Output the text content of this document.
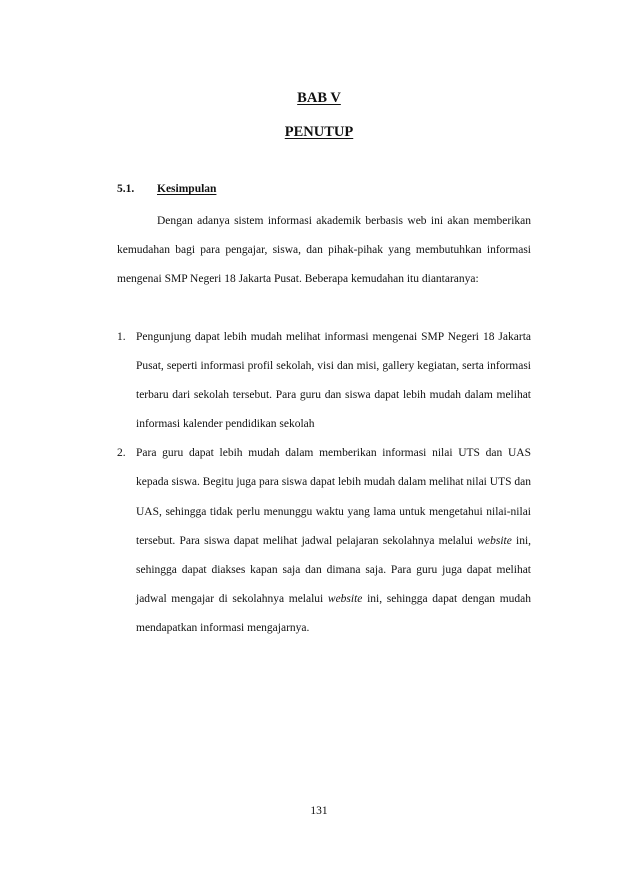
BAB V
PENUTUP
5.1. Kesimpulan

Dengan adanya sistem informasi akademik berbasis web ini akan memberikan kemudahan bagi para pengajar, siswa, dan pihak-pihak yang membutuhkan informasi mengenai SMP Negeri 18 Jakarta Pusat. Beberapa kemudahan itu diantaranya:

1. Pengunjung dapat lebih mudah melihat informasi mengenai SMP Negeri 18 Jakarta Pusat, seperti informasi profil sekolah, visi dan misi, gallery kegiatan, serta informasi terbaru dari sekolah tersebut. Para guru dan siswa dapat lebih mudah dalam melihat informasi kalender pendidikan sekolah
2. Para guru dapat lebih mudah dalam memberikan informasi nilai UTS dan UAS kepada siswa. Begitu juga para siswa dapat lebih mudah dalam melihat nilai UTS dan UAS, sehingga tidak perlu menunggu waktu yang lama untuk mengetahui nilai-nilai tersebut. Para siswa dapat melihat jadwal pelajaran sekolahnya melalui website ini, sehingga dapat diakses kapan saja dan dimana saja. Para guru juga dapat melihat jadwal mengajar di sekolahnya melalui website ini, sehingga dapat dengan mudah mendapatkan informasi mengajarnya.
131
